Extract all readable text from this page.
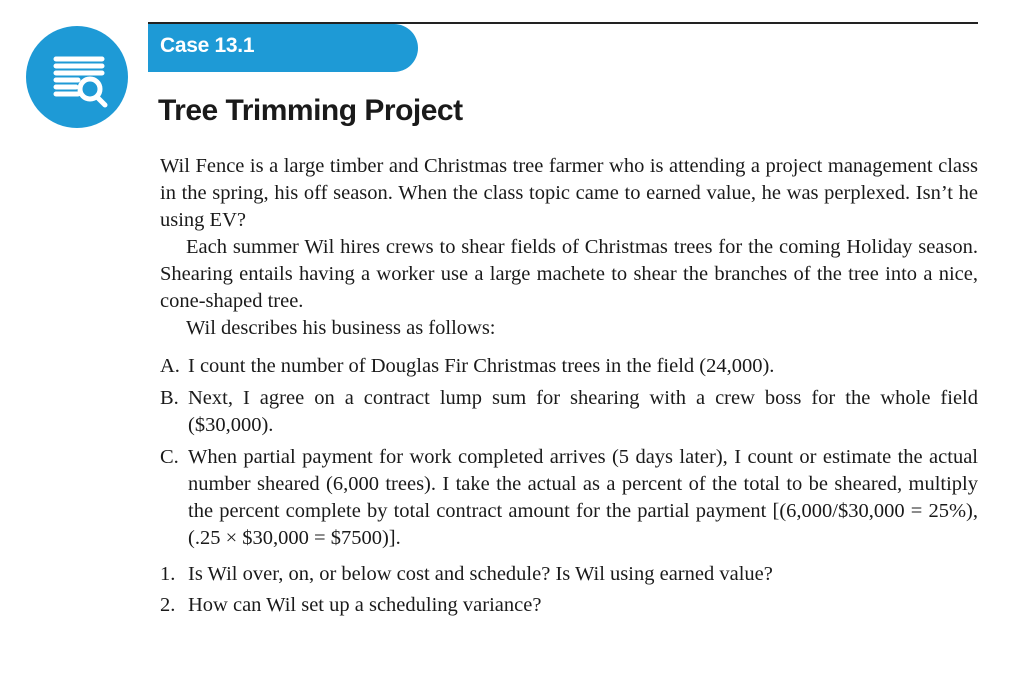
Case 13.1
Tree Trimming Project

Wil Fence is a large timber and Christmas tree farmer who is attending a project management class in the spring, his off season. When the class topic came to earned value, he was perplexed. Isn’t he using EV?

Each summer Wil hires crews to shear fields of Christmas trees for the coming Holiday season. Shearing entails having a worker use a large machete to shear the branches of the tree into a nice, cone-shaped tree.

Wil describes his business as follows:

A. I count the number of Douglas Fir Christmas trees in the field (24,000).
B. Next, I agree on a contract lump sum for shearing with a crew boss for the whole field ($30,000).
C. When partial payment for work completed arrives (5 days later), I count or estimate the actual number sheared (6,000 trees). I take the actual as a percent of the total to be sheared, multiply the percent complete by total contract amount for the partial payment [(6,000/$30,000 = 25%), (.25 × $30,000 = $7500)].
1. Is Wil over, on, or below cost and schedule? Is Wil using earned value?
2. How can Wil set up a scheduling variance?
